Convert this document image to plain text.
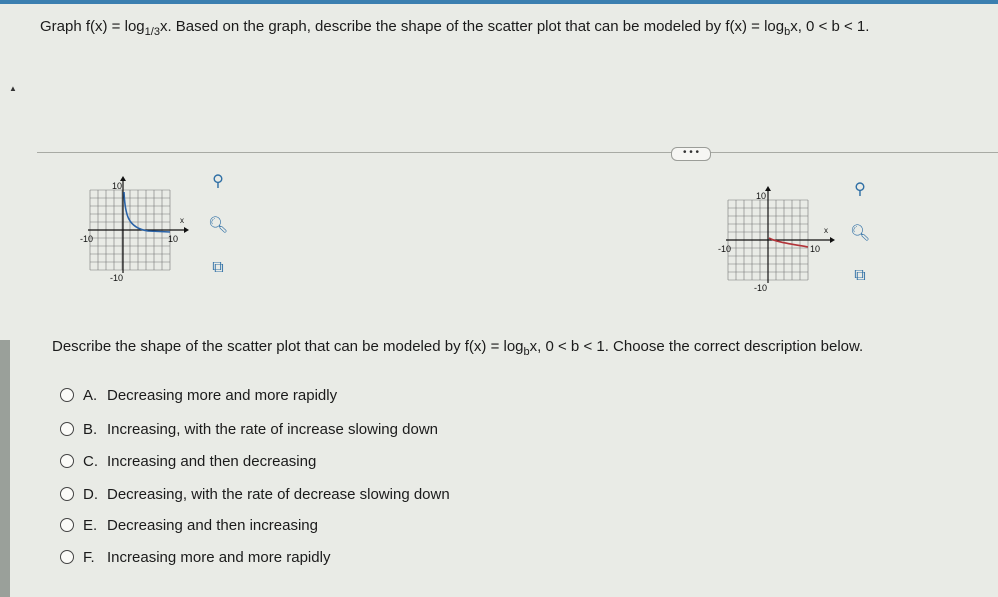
▲
Graph $f(x) = \log_{1/3}x$. Based on the graph, describe the shape of the scatter plot that can be modeled by $f(x) = \log_bx$, 0 < b < 1.
• • •
10
-10
-10	10
x
⚲
🔍︎
⧉
10
-10
-10	10
x
⚲
🔍︎
⧉
Describe the shape of the scatter plot that can be modeled by $f(x) = \log_bx$, 0 < b < 1. Choose the correct description below.
A. Decreasing more and more rapidly
B. Increasing, with the rate of increase slowing down
C. Increasing and then decreasing
D. Decreasing, with the rate of decrease slowing down
E. Decreasing and then increasing
F. Increasing more and more rapidly
